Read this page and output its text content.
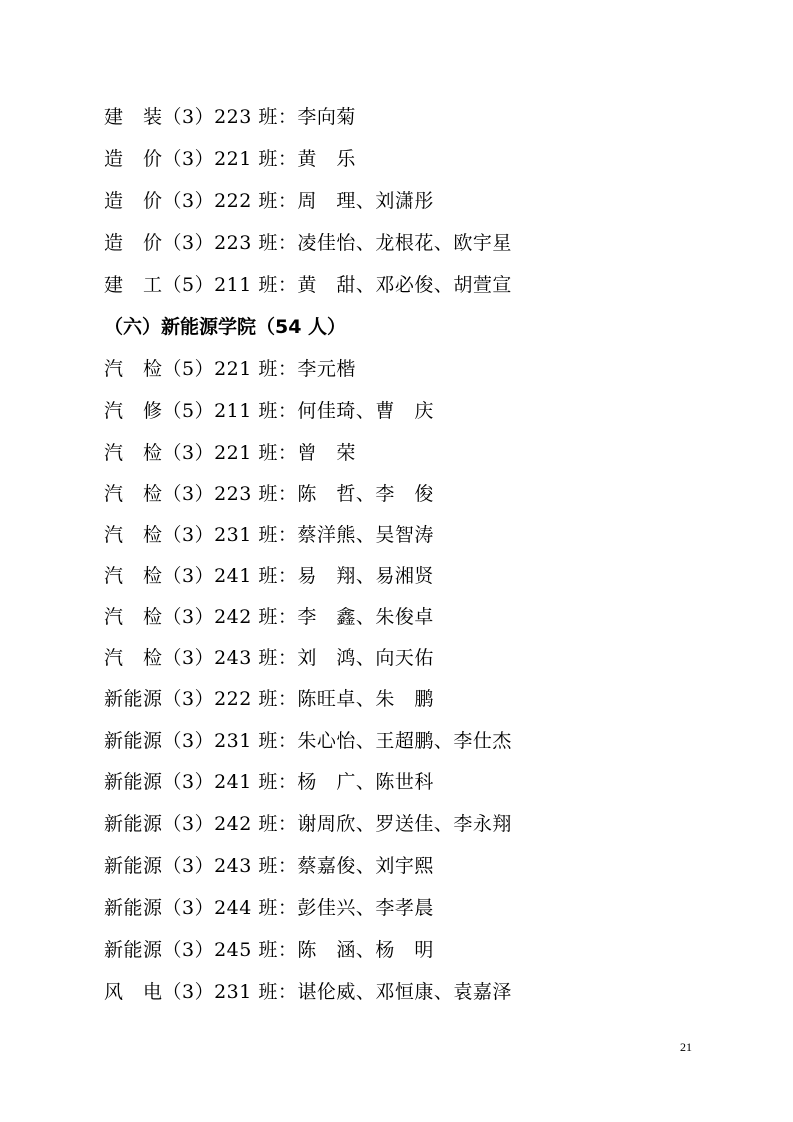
建　装（3）223 班：李向菊
造　价（3）221 班：黄　乐
造　价（3）222 班：周　理、刘潇彤
造　价（3）223 班：凌佳怡、龙根花、欧宇星
建　工（5）211 班：黄　甜、邓必俊、胡萱宣
（六）新能源学院（54 人）
汽　检（5）221 班：李元楷
汽　修（5）211 班：何佳琦、曹　庆
汽　检（3）221 班：曾　荣
汽　检（3）223 班：陈　哲、李　俊
汽　检（3）231 班：蔡洋熊、吴智涛
汽　检（3）241 班：易　翔、易湘贤
汽　检（3）242 班：李　鑫、朱俊卓
汽　检（3）243 班：刘　鸿、向天佑
新能源（3）222 班：陈旺卓、朱　鹏
新能源（3）231 班：朱心怡、王超鹏、李仕杰
新能源（3）241 班：杨　广、陈世科
新能源（3）242 班：谢周欣、罗送佳、李永翔
新能源（3）243 班：蔡嘉俊、刘宇熙
新能源（3）244 班：彭佳兴、李孝晨
新能源（3）245 班：陈　涵、杨　明
风　电（3）231 班：谌伦威、邓恒康、袁嘉泽
21
